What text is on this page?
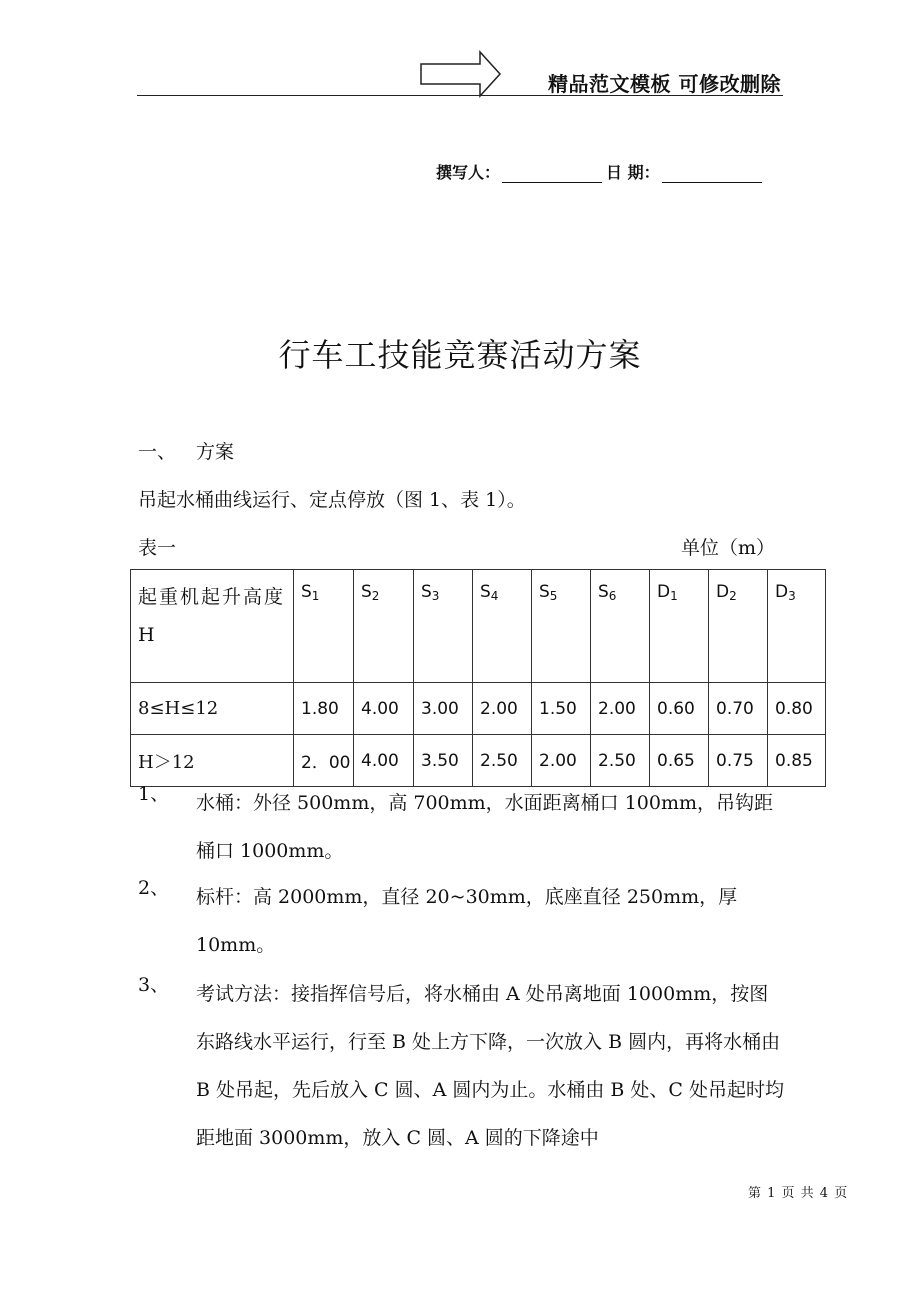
精品范文模板 可修改删除
撰写人：	日 期：
行车工技能竞赛活动方案
一、 方案
吊起水桶曲线运行、定点停放（图 1、表 1）。
表一	单位（m）
起重机起升高度 H	$S_1$	$S_2$	$S_3$	$S_4$	$S_5$	$S_6$	$D_1$	$D_2$	$D_3$
8≤H≤12	1.80	4.00	3.00	2.00	1.50	2.00	0.60	0.70	0.80
H＞12	2．00	4.00	3.50	2.50	2.00	2.50	0.65	0.75	0.85
1、 水桶：外径 500mm，高 700mm，水面距离桶口 100mm，吊钩距桶口 1000mm。
2、 标杆：高 2000mm，直径 20~30mm，底座直径 250mm，厚 10mm。
3、 考试方法：接指挥信号后，将水桶由 A 处吊离地面 1000mm，按图东路线水平运行，行至 B 处上方下降，一次放入 B 圆内，再将水桶由 B 处吊起，先后放入 C 圆、A 圆内为止。水桶由 B 处、C 处吊起时均距地面 3000mm，放入 C 圆、A 圆的下降途中
第 1 页 共 4 页
